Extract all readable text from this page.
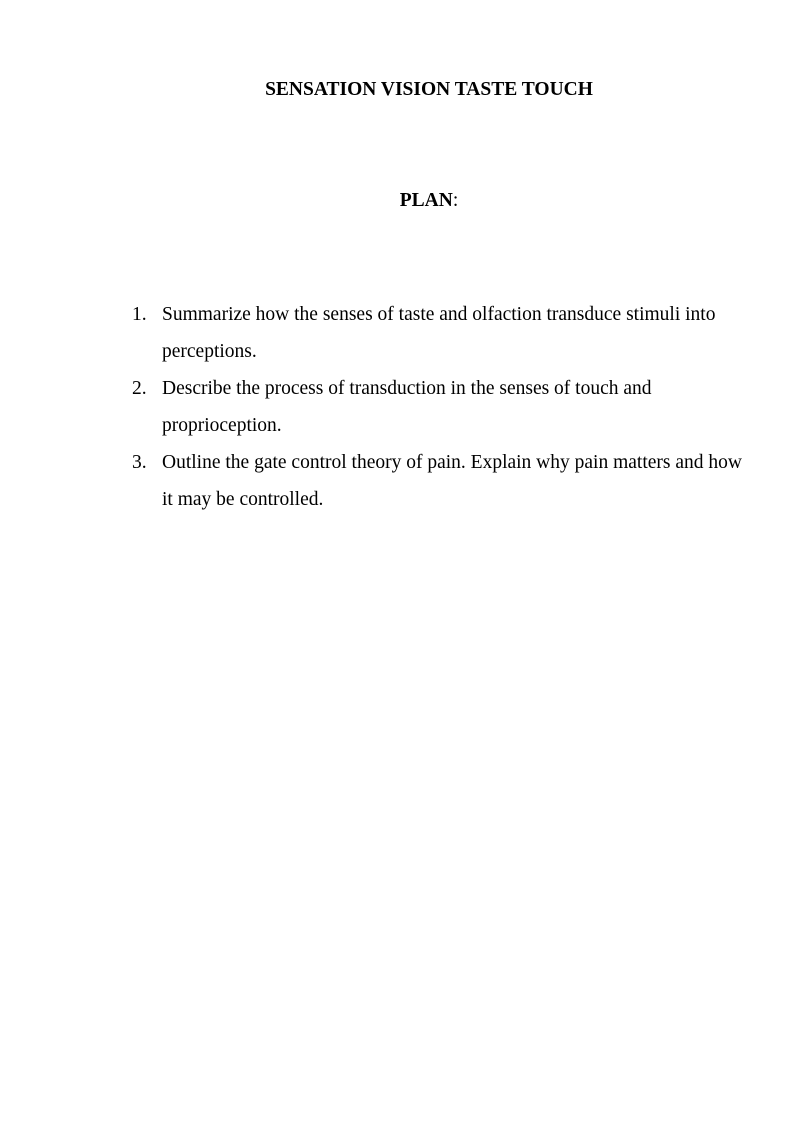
SENSATION VISION TASTE TOUCH

PLAN:

1. Summarize how the senses of taste and olfaction transduce stimuli into perceptions.
2. Describe the process of transduction in the senses of touch and proprioception.
3. Outline the gate control theory of pain. Explain why pain matters and how it may be controlled.
